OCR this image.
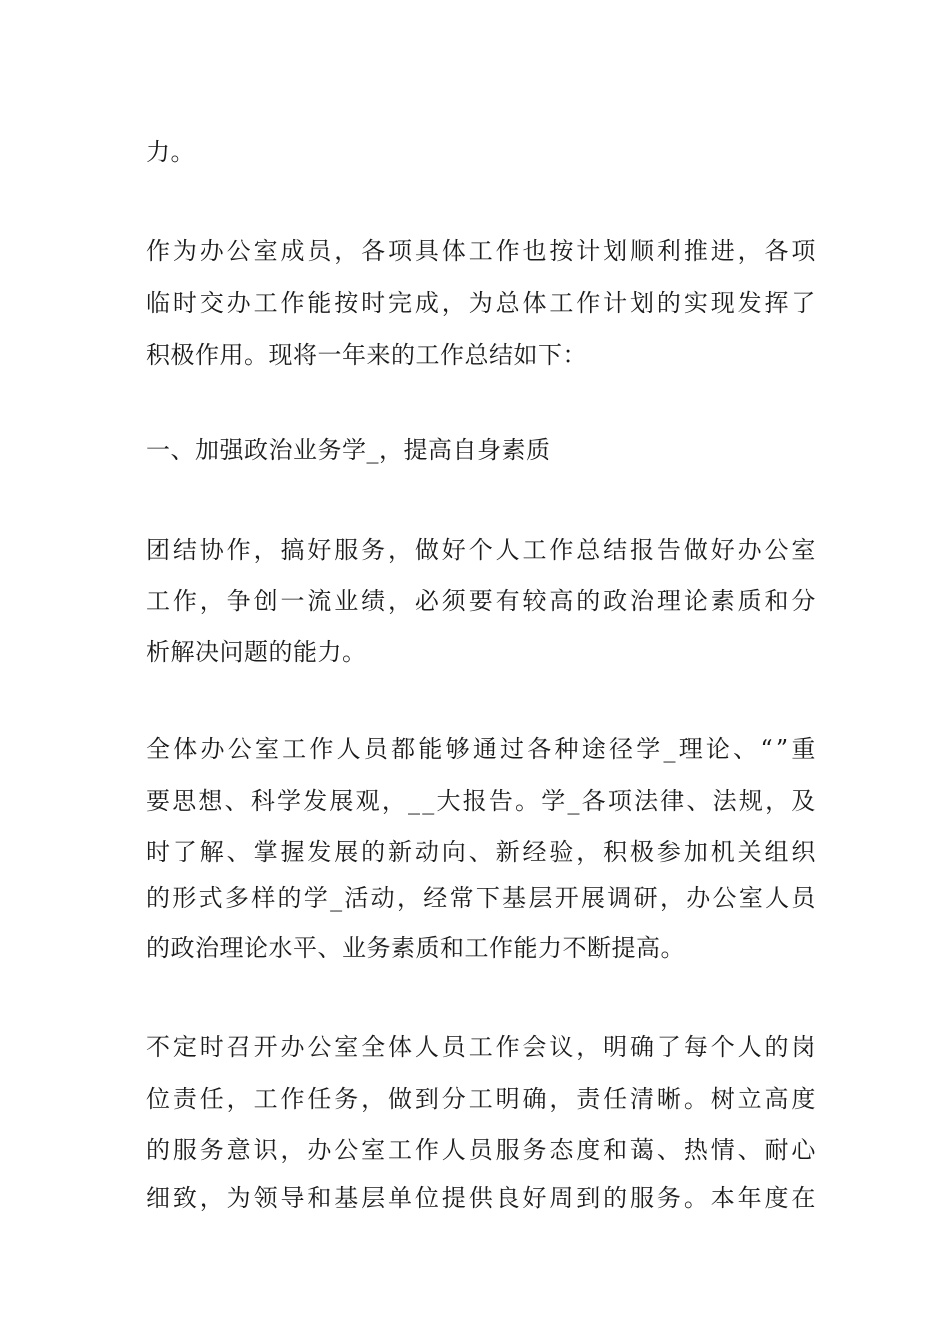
力。
作 为 办 公 室 成 员 ， 各 项 具 体 工 作 也 按 计 划 顺 利 推 进 ， 各 项
临 时 交 办 工 作 能 按 时 完 成 ， 为 总 体 工 作 计 划 的 实 现 发 挥 了
积极作用。现将一年来的工作总结如下：
一、加强政治业务学_，提高自身素质
团 结 协 作 ， 搞 好 服 务 ， 做 好 个 人 工 作 总 结 报 告 做 好 办 公 室
工 作 ， 争 创 一 流 业 绩 ， 必 须 要 有 较 高 的 政 治 理 论 素 质 和 分
析解决问题的能力。
全 体 办 公 室 工 作 人 员 都 能 够 通 过 各 种 途 径 学 _ 理 论 、 “ ” 重
要 思 想 、 科 学 发 展 观 ， _ _ 大 报 告 。 学 _ 各 项 法 律 、 法 规 ， 及
时 了 解 、 掌 握 发 展 的 新 动 向 、 新 经 验 ， 积 极 参 加 机 关 组 织
的 形 式 多 样 的 学 _ 活 动 ， 经 常 下 基 层 开 展 调 研 ， 办 公 室 人 员
的政治理论水平、业务素质和工作能力不断提高。
不 定 时 召 开 办 公 室 全 体 人 员 工 作 会 议 ， 明 确 了 每 个 人 的 岗
位 责 任 ， 工 作 任 务 ， 做 到 分 工 明 确 ， 责 任 清 晰 。 树 立 高 度
的 服 务 意 识 ， 办 公 室 工 作 人 员 服 务 态 度 和 蔼 、 热 情 、 耐 心
细 致 ， 为 领 导 和 基 层 单 位 提 供 良 好 周 到 的 服 务 。 本 年 度 在
